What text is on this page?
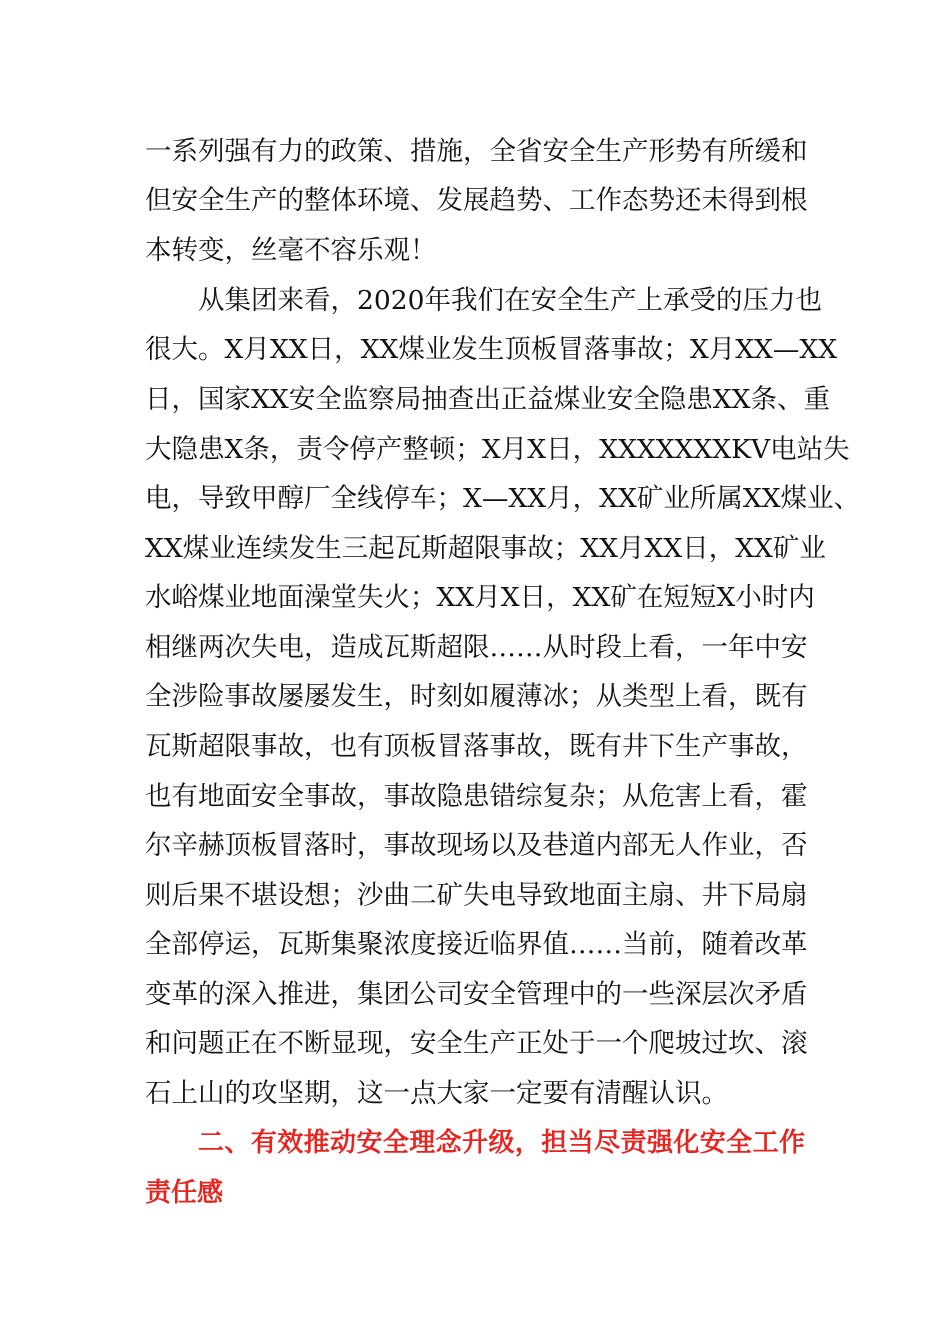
一系列强有力的政策、措施，全省安全生产形势有所缓和
但安全生产的整体环境、发展趋势、工作态势还未得到根
本转变，丝毫不容乐观！
从集团来看，2020年我们在安全生产上承受的压力也
很大。X月XX日，XX煤业发生顶板冒落事故；X月XX—XX
日，国家XX安全监察局抽查出正益煤业安全隐患XX条、重
大隐患X条，责令停产整顿；X月X日，XXXXXXXKV电站失
电，导致甲醇厂全线停车；X—XX月，XX矿业所属XX煤业、
XX煤业连续发生三起瓦斯超限事故；XX月XX日，XX矿业
水峪煤业地面澡堂失火；XX月X日，XX矿在短短X小时内
相继两次失电，造成瓦斯超限……从时段上看，一年中安
全涉险事故屡屡发生，时刻如履薄冰；从类型上看，既有
瓦斯超限事故，也有顶板冒落事故，既有井下生产事故，
也有地面安全事故，事故隐患错综复杂；从危害上看，霍
尔辛赫顶板冒落时，事故现场以及巷道内部无人作业，否
则后果不堪设想；沙曲二矿失电导致地面主扇、井下局扇
全部停运，瓦斯集聚浓度接近临界值……当前，随着改革
变革的深入推进，集团公司安全管理中的一些深层次矛盾
和问题正在不断显现，安全生产正处于一个爬坡过坎、滚
石上山的攻坚期，这一点大家一定要有清醒认识。
二、有效推动安全理念升级，担当尽责强化安全工作
责任感
